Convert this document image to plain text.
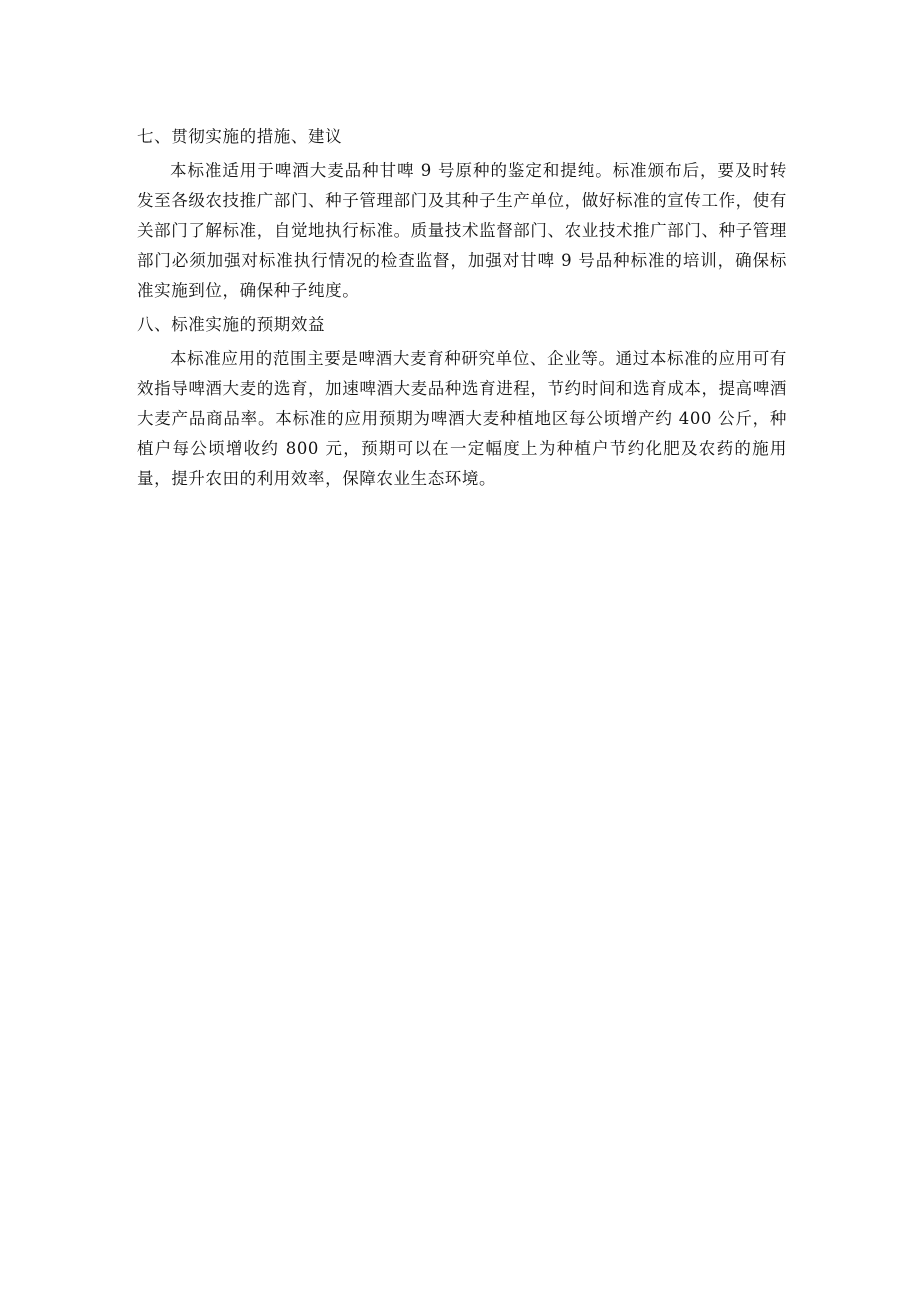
七、贯彻实施的措施、建议
本标准适用于啤酒大麦品种甘啤 9 号原种的鉴定和提纯。标准颁布后，要及时转发至各级农技推广部门、种子管理部门及其种子生产单位，做好标准的宣传工作，使有关部门了解标准，自觉地执行标准。质量技术监督部门、农业技术推广部门、种子管理部门必须加强对标准执行情况的检查监督，加强对甘啤 9 号品种标准的培训，确保标准实施到位，确保种子纯度。
八、标准实施的预期效益
本标准应用的范围主要是啤酒大麦育种研究单位、企业等。通过本标准的应用可有效指导啤酒大麦的选育，加速啤酒大麦品种选育进程，节约时间和选育成本，提高啤酒大麦产品商品率。本标准的应用预期为啤酒大麦种植地区每公顷增产约 400 公斤，种植户每公顷增收约 800 元，预期可以在一定幅度上为种植户节约化肥及农药的施用量，提升农田的利用效率，保障农业生态环境。
